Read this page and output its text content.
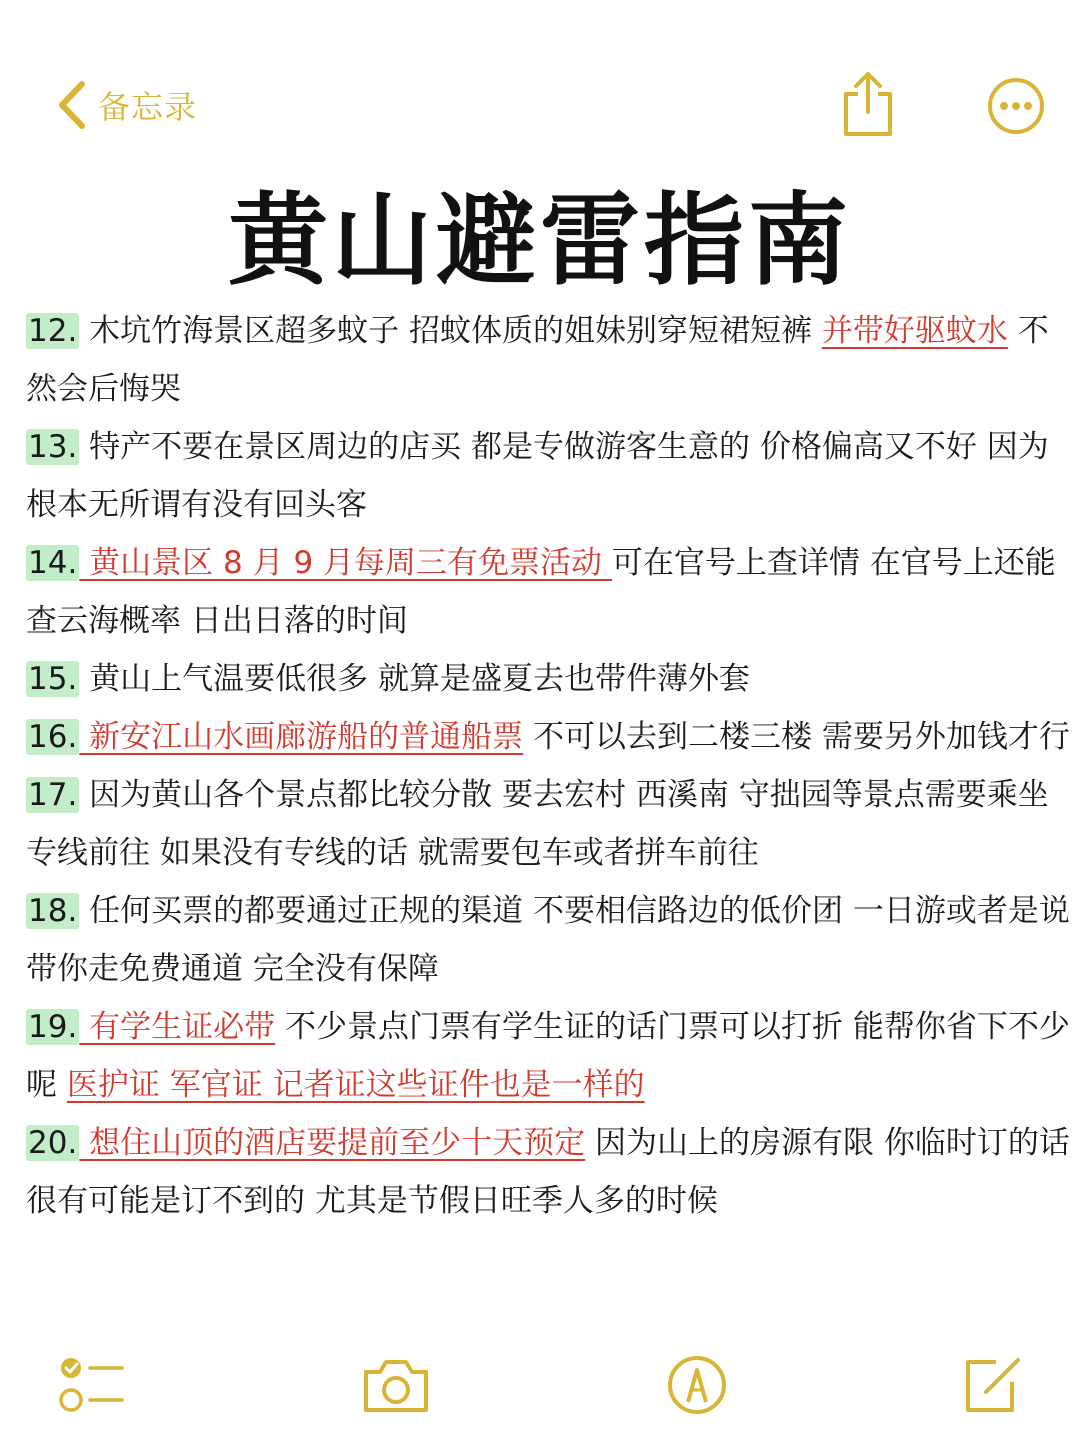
备忘录
黄山避雷指南

12. 木坑竹海景区超多蚊子 招蚊体质的姐妹别穿短裙短裤 并带好驱蚊水 不然会后悔哭

13. 特产不要在景区周边的店买 都是专做游客生意的 价格偏高又不好 因为根本无所谓有没有回头客

14. 黄山景区 8 月 9 月每周三有免票活动 可在官号上查详情 在官号上还能查云海概率 日出日落的时间

15. 黄山上气温要低很多 就算是盛夏去也带件薄外套

16. 新安江山水画廊游船的普通船票 不可以去到二楼三楼 需要另外加钱才行

17. 因为黄山各个景点都比较分散 要去宏村 西溪南 守拙园等景点需要乘坐专线前往 如果没有专线的话 就需要包车或者拼车前往

18. 任何买票的都要通过正规的渠道 不要相信路边的低价团 一日游或者是说带你走免费通道 完全没有保障

19. 有学生证必带 不少景点门票有学生证的话门票可以打折 能帮你省下不少呢 医护证 军官证 记者证这些证件也是一样的

20. 想住山顶的酒店要提前至少十天预定 因为山上的房源有限 你临时订的话很有可能是订不到的 尤其是节假日旺季人多的时候
